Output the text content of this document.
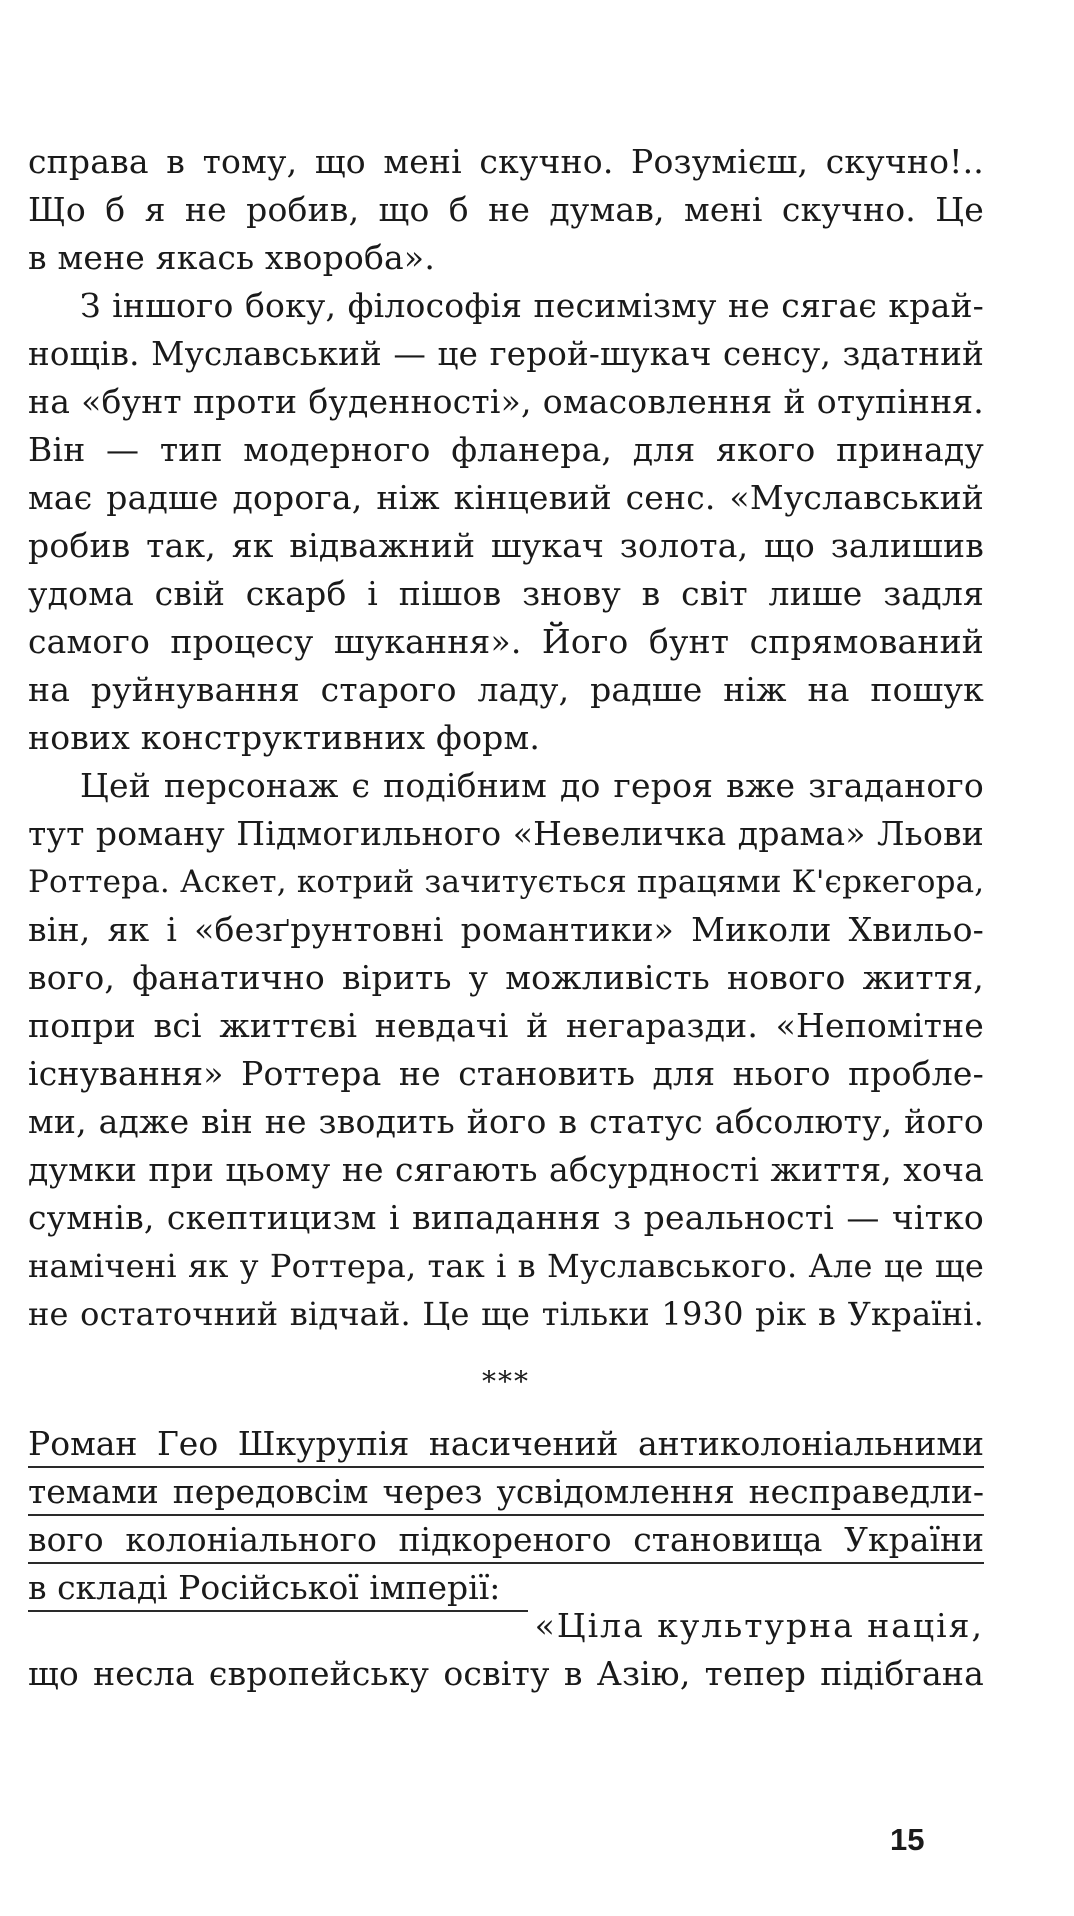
справа в тому, що мені скучно. Розумієш, скучно!..
Що б я не робив, що б не думав, мені скучно. Це
в мене якась хвороба».
З іншого боку, філософія песимізму не сягає край-
нощів. Муславський — це герой-шукач сенсу, здатний
на «бунт проти буденності», омасовлення й отупіння.
Він — тип модерного фланера, для якого принаду
має радше дорога, ніж кінцевий сенс. «Муславський
робив так, як відважний шукач золота, що залишив
удома свій скарб і пішов знову в світ лише задля
самого процесу шукання». Його бунт спрямований
на руйнування старого ладу, радше ніж на пошук
нових конструктивних форм.
Цей персонаж є подібним до героя вже згаданого
тут роману Підмогильного «Невеличка драма» Льови
Роттера. Аскет, котрий зачитується працями К'єркегора,
він, як і «безґрунтовні романтики» Миколи Хвильо-
вого, фанатично вірить у можливість нового життя,
попри всі життєві невдачі й негаразди. «Непомітне
існування» Роттера не становить для нього пробле-
ми, адже він не зводить його в статус абсолюту, його
думки при цьому не сягають абсурдності життя, хоча
сумнів, скептицизм і випадання з реальності — чітко
намічені як у Роттера, так і в Муславського. Але це ще
не остаточний відчай. Це ще тільки 1930 рік в Україні.
***
Роман Гео Шкурупія насичений антиколоніальними
темами передовсім через усвідомлення несправедли-
вого колоніального підкореного становища України
в складі Російської імперії:
«Ціла культурна нація,
що несла європейську освіту в Азію, тепер підібгана
15
